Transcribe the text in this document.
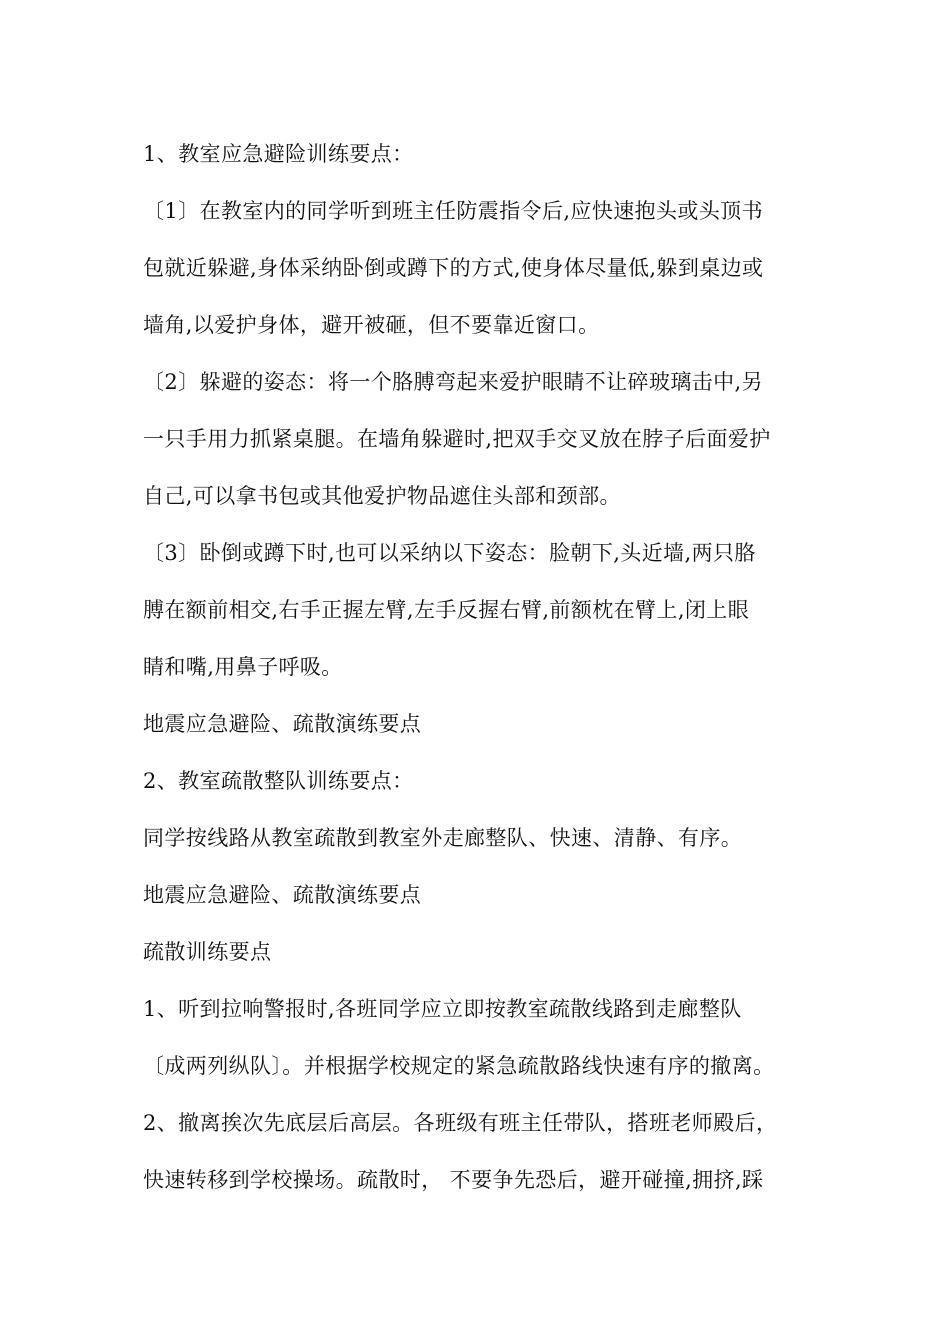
1、教室应急避险训练要点：
〔1〕在教室内的同学听到班主任防震指令后,应快速抱头或头顶书
包就近躲避,身体采纳卧倒或蹲下的方式,使身体尽量低,躲到桌边或
墙角,以爱护身体，避开被砸，但不要靠近窗口。
〔2〕躲避的姿态：将一个胳膊弯起来爱护眼睛不让碎玻璃击中,另
一只手用力抓紧桌腿。在墙角躲避时,把双手交叉放在脖子后面爱护
自己,可以拿书包或其他爱护物品遮住头部和颈部。
〔3〕卧倒或蹲下时,也可以采纳以下姿态：脸朝下,头近墙,两只胳
膊在额前相交,右手正握左臂,左手反握右臂,前额枕在臂上,闭上眼
睛和嘴,用鼻子呼吸。
地震应急避险、疏散演练要点
2、教室疏散整队训练要点：
同学按线路从教室疏散到教室外走廊整队、快速、清静、有序。
地震应急避险、疏散演练要点
疏散训练要点
1、听到拉响警报时,各班同学应立即按教室疏散线路到走廊整队
〔成两列纵队〕。并根据学校规定的紧急疏散路线快速有序的撤离。
2、撤离挨次先底层后高层。各班级有班主任带队，搭班老师殿后，
快速转移到学校操场。疏散时， 不要争先恐后，避开碰撞,拥挤,踩
